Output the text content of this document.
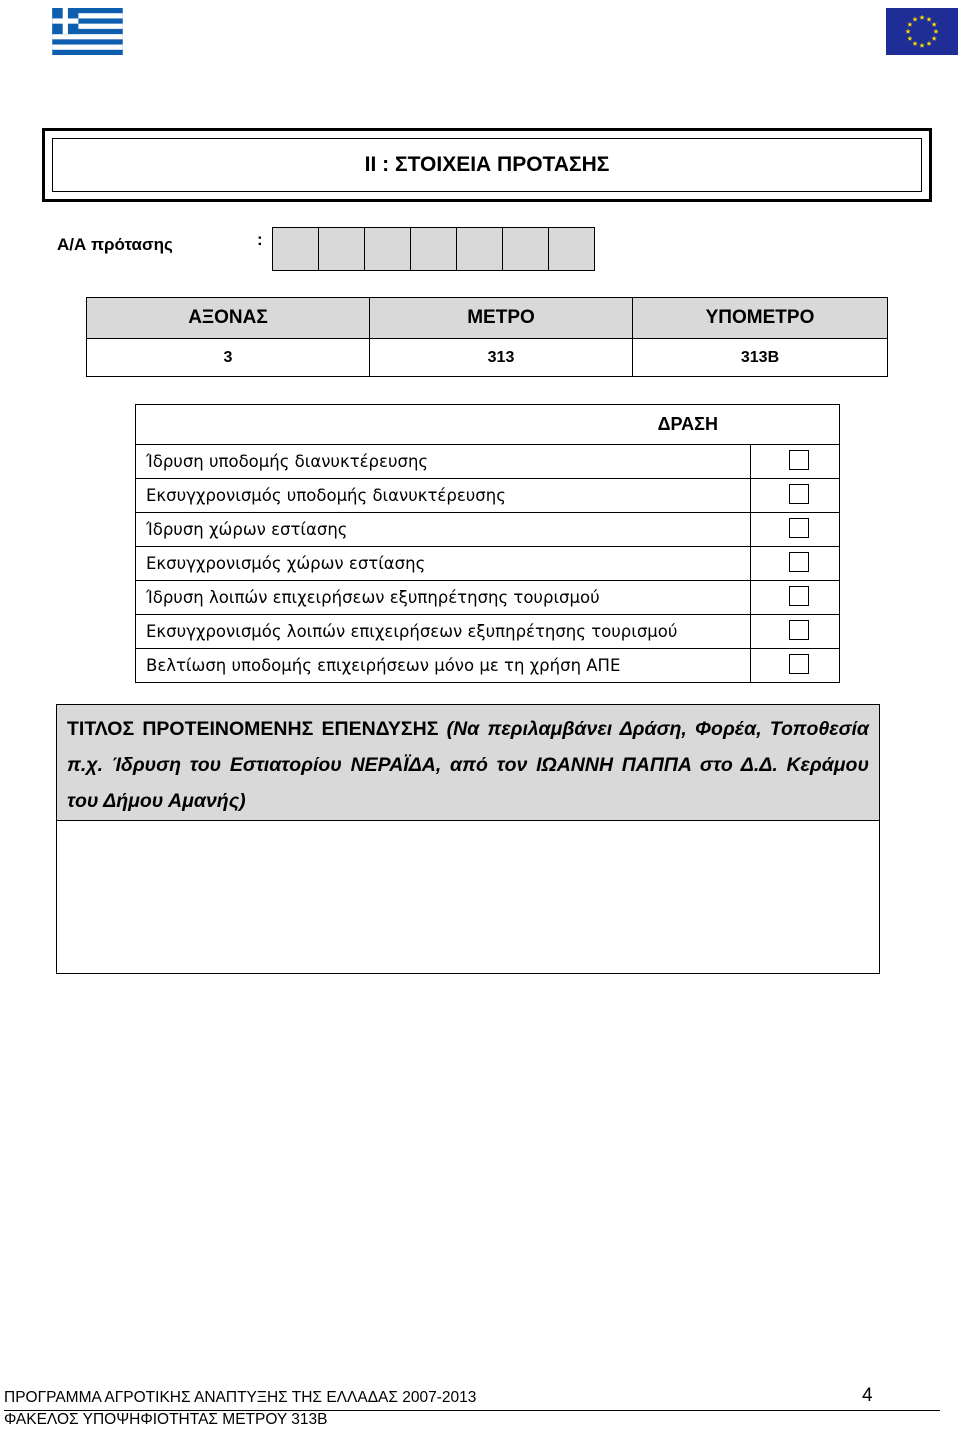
II : ΣΤΟΙΧΕΙΑ ΠΡΟΤΑΣΗΣ
Α/Α πρότασης	:
ΑΞΟΝΑΣ	ΜΕΤΡΟ	ΥΠΟΜΕΤΡΟ
3	313	313Β
ΔΡΑΣΗ	
Ίδρυση υποδομής διανυκτέρευσης	
Εκσυγχρονισμός υποδομής διανυκτέρευσης	
Ίδρυση χώρων εστίασης	
Εκσυγχρονισμός χώρων εστίασης	
Ίδρυση λοιπών επιχειρήσεων εξυπηρέτησης τουρισμού	
Εκσυγχρονισμός λοιπών επιχειρήσεων εξυπηρέτησης τουρισμού	
Βελτίωση υποδομής επιχειρήσεων μόνο με τη χρήση ΑΠΕ	
ΤΙΤΛΟΣ ΠΡΟΤΕΙΝΟΜΕΝΗΣ ΕΠΕΝΔΥΣΗΣ (Να περιλαμβάνει Δράση, Φορέα, Τοποθεσία π.χ. Ίδρυση του Εστιατορίου ΝΕΡΑΪΔΑ, από τον ΙΩΑΝΝΗ ΠΑΠΠΑ στο Δ.Δ. Κεράμου του Δήμου Αμανής)
ΠΡΟΓΡΑΜΜΑ ΑΓΡΟΤΙΚΗΣ ΑΝΑΠΤΥΞΗΣ ΤΗΣ ΕΛΛΑΔΑΣ 2007-2013	4
ΦΑΚΕΛΟΣ ΥΠΟΨΗΦΙΟΤΗΤΑΣ ΜΕΤΡΟΥ 313Β
